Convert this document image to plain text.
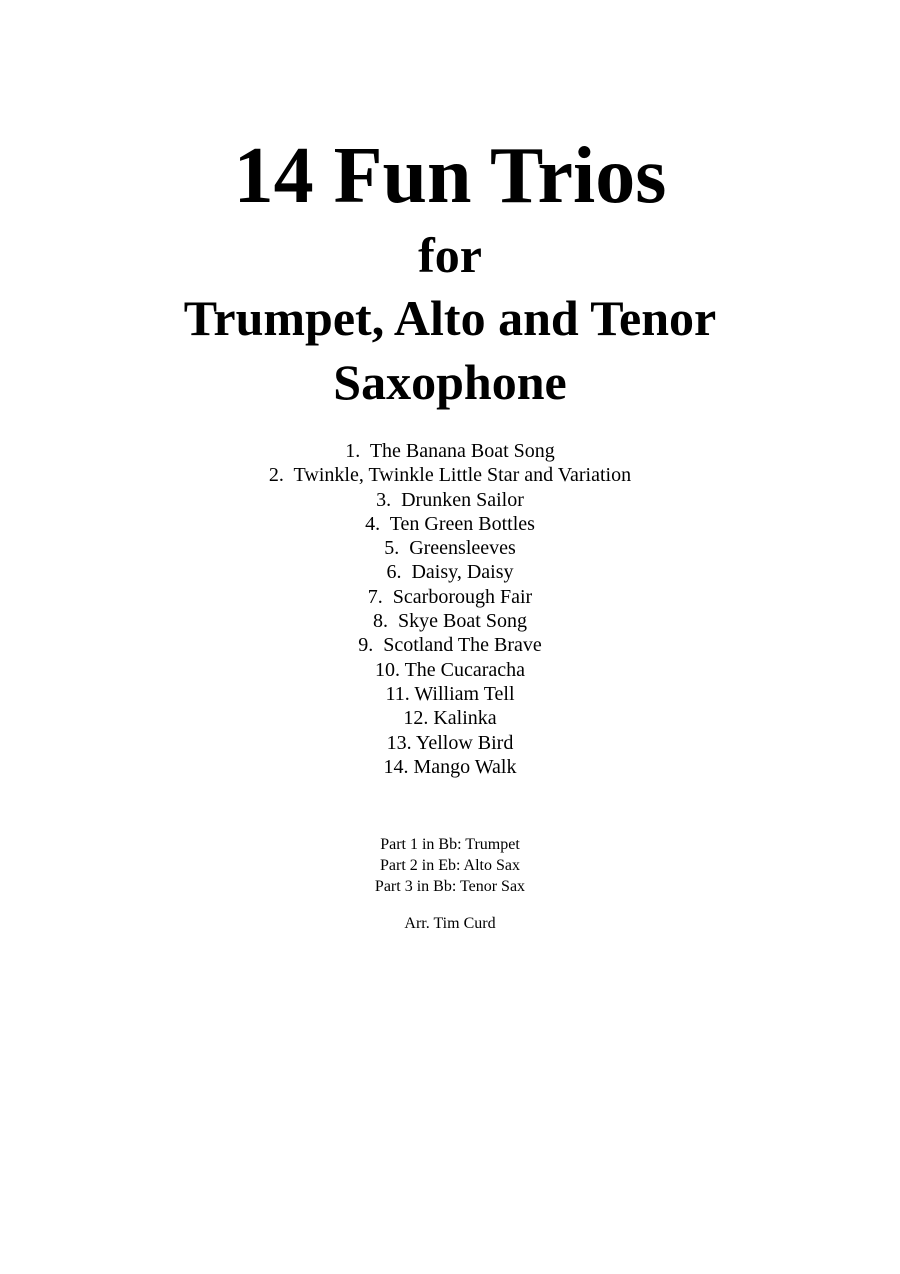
14 Fun Trios
for
Trumpet, Alto and Tenor
Saxophone
1.  The Banana Boat Song
2.  Twinkle, Twinkle Little Star and Variation
3.  Drunken Sailor
4.  Ten Green Bottles
5.  Greensleeves
6.  Daisy, Daisy
7.  Scarborough Fair
8.  Skye Boat Song
9.  Scotland The Brave
10. The Cucaracha
11. William Tell
12. Kalinka
13. Yellow Bird
14. Mango Walk
Part 1 in Bb: Trumpet
Part 2 in Eb: Alto Sax
Part 3 in Bb: Tenor Sax
Arr. Tim Curd
